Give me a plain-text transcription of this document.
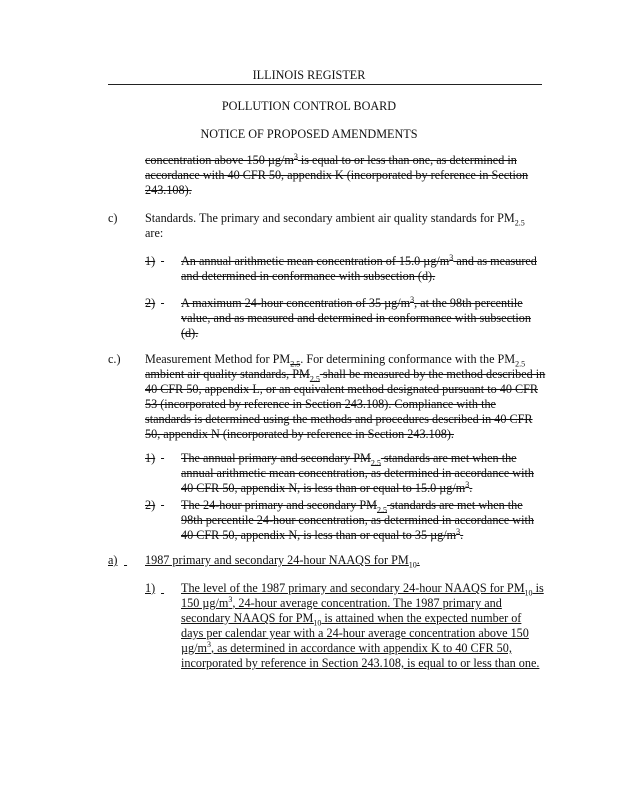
ILLINOIS REGISTER
POLLUTION CONTROL BOARD
NOTICE OF PROPOSED AMENDMENTS
concentration above 150 $\mu g/m^3$ is equal to or less than one, as determined in
accordance with 40 CFR 50, appendix K (incorporated by reference in Section
243.108).
c) Standards. The primary and secondary ambient air quality standards for $PM_{2.5}$
are:
1)
An annual arithmetic mean concentration of 15.0 $\mu g/m^3$ and as measured
and determined in conformance with subsection (d).
2)
A maximum 24-hour concentration of 35 $\mu g/m^3$, at the 98th percentile
value, and as measured and determined in conformance with subsection
(d).
c.) Measurement Method for $PM_{2.5}$. For determining conformance with the $PM_{2.5}$
ambient air quality standards, $PM_{2.5}$ shall be measured by the method described in
40 CFR 50, appendix L, or an equivalent method designated pursuant to 40 CFR
53 (incorporated by reference in Section 243.108). Compliance with the
standards is determined using the methods and procedures described in 40 CFR
50, appendix N (incorporated by reference in Section 243.108).
1)
The annual primary and secondary $PM_{2.5}$ standards are met when the
annual arithmetic mean concentration, as determined in accordance with
40 CFR 50, appendix N, is less than or equal to 15.0 $\mu g/m^3$.
2)
The 24-hour primary and secondary $PM_{2.5}$ standards are met when the
98th percentile 24-hour concentration, as determined in accordance with
40 CFR 50, appendix N, is less than or equal to 35 $\mu g/m^3$.
a)
1987 primary and secondary 24-hour NAAQS for $PM_{10}$.
1)
The level of the 1987 primary and secondary 24-hour NAAQS for $PM_{10}$ is
150 $\mu g/m^3$, 24-hour average concentration. The 1987 primary and
secondary NAAQS for $PM_{10}$ is attained when the expected number of
days per calendar year with a 24-hour average concentration above 150
$\mu g/m^3$, as determined in accordance with appendix K to 40 CFR 50,
incorporated by reference in Section 243.108, is equal to or less than one.
